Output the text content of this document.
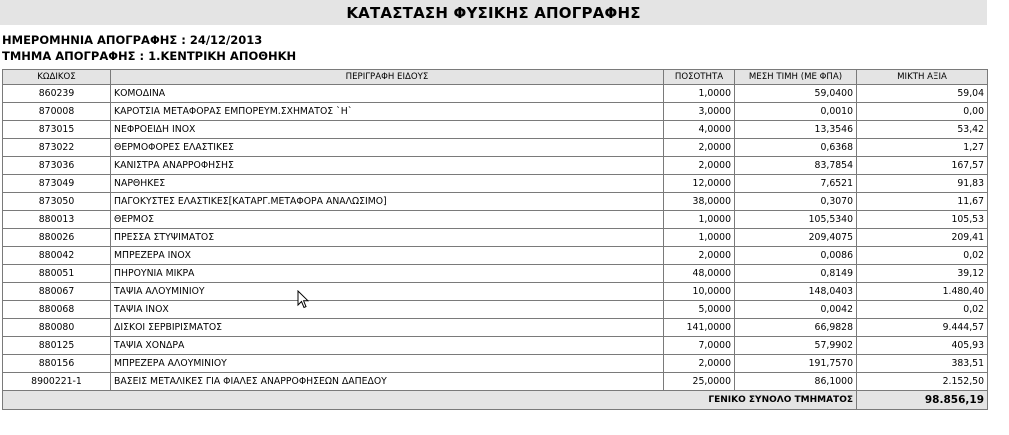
ΚΑΤΑΣΤΑΣΗ ΦΥΣΙΚΗΣ ΑΠΟΓΡΑΦΗΣ
ΗΜΕΡΟΜΗΝΙΑ ΑΠΟΓΡΑΦΗΣ : 24/12/2013
ΤΜΗΜΑ ΑΠΟΓΡΑΦΗΣ : 1.ΚΕΝΤΡΙΚΗ ΑΠΟΘΗΚΗ
ΚΩΔΙΚΟΣ	ΠΕΡΙΓΡΑΦΗ ΕΙΔΟΥΣ	ΠΟΣΟΤΗΤΑ	ΜΕΣΗ ΤΙΜΗ (ΜΕ ΦΠΑ)	ΜΙΚΤΗ ΑΞΙΑ
860239	ΚΟΜΟΔΙΝΑ	1,0000	59,0400	59,04
870008	ΚΑΡΟΤΣΙΑ ΜΕΤΑΦΟΡΑΣ ΕΜΠΟΡΕΥΜ.ΣΧΗΜΑΤΟΣ `Η`	3,0000	0,0010	0,00
873015	ΝΕΦΡΟΕΙΔΗ ΙΝΟΧ	4,0000	13,3546	53,42
873022	ΘΕΡΜΟΦΟΡΕΣ ΕΛΑΣΤΙΚΕΣ	2,0000	0,6368	1,27
873036	ΚΑΝΙΣΤΡΑ ΑΝΑΡΡΟΦΗΣΗΣ	2,0000	83,7854	167,57
873049	ΝΑΡΘΗΚΕΣ	12,0000	7,6521	91,83
873050	ΠΑΓΟΚΥΣΤΕΣ ΕΛΑΣΤΙΚΕΣ[ΚΑΤΑΡΓ.ΜΕΤΑΦΟΡΑ ΑΝΑΛΩΣΙΜΟ]	38,0000	0,3070	11,67
880013	ΘΕΡΜΟΣ	1,0000	105,5340	105,53
880026	ΠΡΕΣΣΑ ΣΤΥΨΙΜΑΤΟΣ	1,0000	209,4075	209,41
880042	ΜΠΡΕΖΕΡΑ ΙΝΟΧ	2,0000	0,0086	0,02
880051	ΠΗΡΟΥΝΙΑ ΜΙΚΡΑ	48,0000	0,8149	39,12
880067	ΤΑΨΙΑ ΑΛΟΥΜΙΝΙΟΥ	10,0000	148,0403	1.480,40
880068	ΤΑΨΙΑ ΙΝΟΧ	5,0000	0,0042	0,02
880080	ΔΙΣΚΟΙ ΣΕΡΒΙΡΙΣΜΑΤΟΣ	141,0000	66,9828	9.444,57
880125	ΤΑΨΙΑ ΧΟΝΔΡΑ	7,0000	57,9902	405,93
880156	ΜΠΡΕΖΕΡΑ ΑΛΟΥΜΙΝΙΟΥ	2,0000	191,7570	383,51
8900221-1	ΒΑΣΕΙΣ ΜΕΤΑΛΙΚΕΣ ΓΙΑ ΦΙΑΛΕΣ ΑΝΑΡΡΟΦΗΣΕΩΝ ΔΑΠΕΔΟΥ	25,0000	86,1000	2.152,50
ΓΕΝΙΚΟ ΣΥΝΟΛΟ ΤΜΗΜΑΤΟΣ				98.856,19
